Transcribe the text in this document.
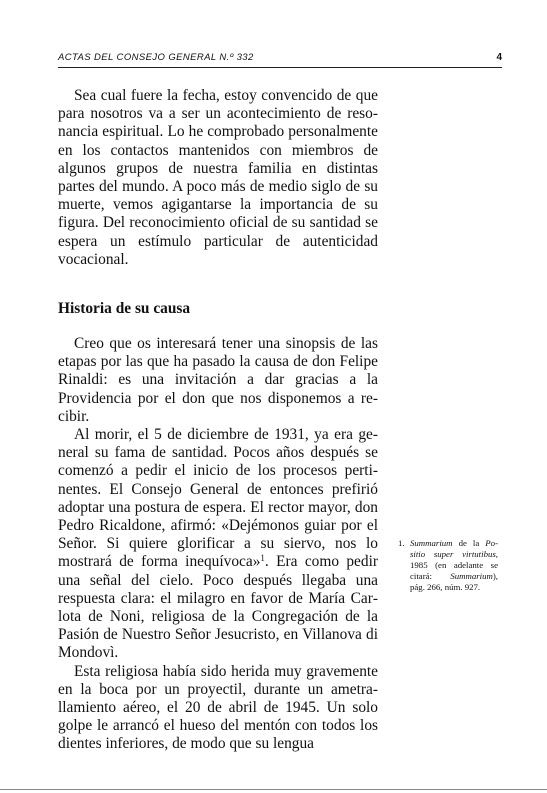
ACTAS DEL CONSEJO GENERAL N.º 332	4

Sea cual fuere la fecha, estoy convencido de que para nosotros va a ser un acontecimiento de resonancia espiritual. Lo he comprobado personalmente en los contactos mantenidos con miembros de algunos grupos de nuestra familia en distintas partes del mundo. A poco más de medio siglo de su muerte, vemos agigantarse la importancia de su figura. Del reconocimiento oficial de su santidad se espera un estímulo particular de autenticidad vocacional.

Historia de su causa

Creo que os interesará tener una sinopsis de las etapas por las que ha pasado la causa de don Felipe Rinaldi: es una invitación a dar gracias a la Providencia por el don que nos disponemos a recibir.

Al morir, el 5 de diciembre de 1931, ya era general su fama de santidad. Pocos años después se comenzó a pedir el inicio de los procesos pertinentes. El Consejo General de entonces prefirió adoptar una postura de espera. El rector mayor, don Pedro Ricaldone, afirmó: «Dejémonos guiar por el Señor. Si quiere glorificar a su siervo, nos lo mostrará de forma inequívoca»$^1$. Era como pedir una señal del cielo. Poco después llegaba una respuesta clara: el milagro en favor de María Carlota de Noni, religiosa de la Congregación de la Pasión de Nuestro Señor Jesucristo, en Villanova di Mondovì.

Esta religiosa había sido herida muy gravemente en la boca por un proyectil, durante un ametrallamiento aéreo, el 20 de abril de 1945. Un solo golpe le arrancó el hueso del mentón con todos los dientes inferiores, de modo que su lengua

1. Summarium de la Positio super virtutibus, 1985 (en adelante se citará: Summarium), pág. 266, núm. 927.
